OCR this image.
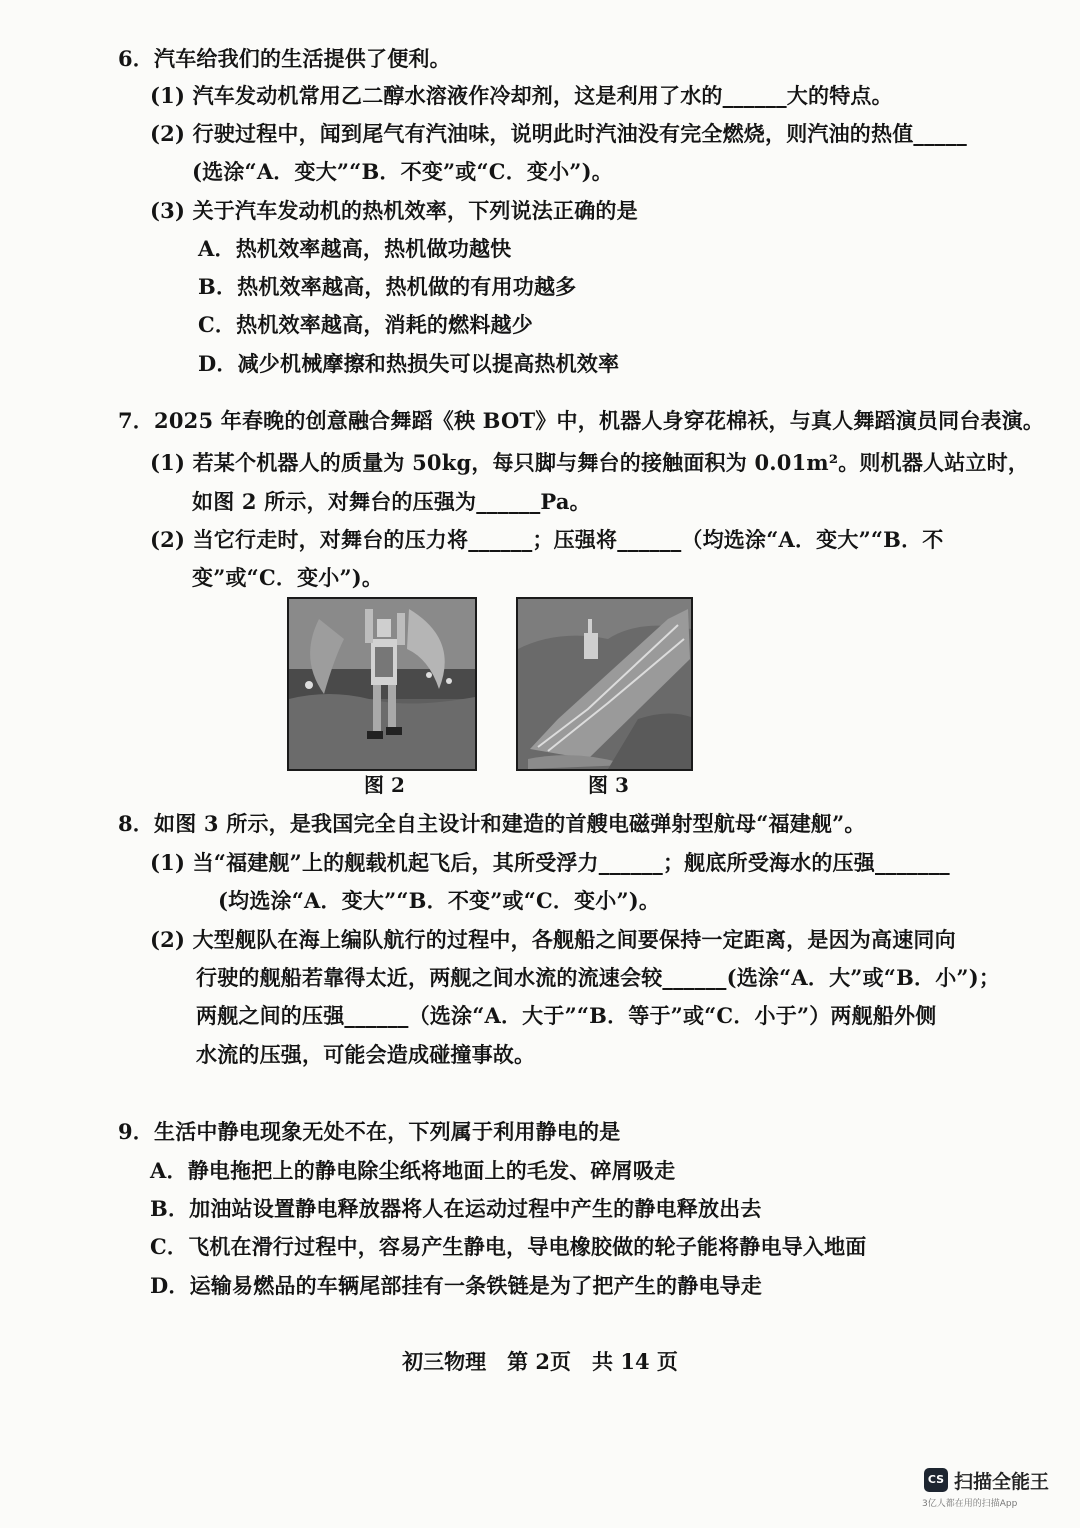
6．汽车给我们的生活提供了便利。
(1) 汽车发动机常用乙二醇水溶液作冷却剂，这是利用了水的______大的特点。
(2) 行驶过程中，闻到尾气有汽油味，说明此时汽油没有完全燃烧，则汽油的热值_____
(选涂“A．变大”“B．不变”或“C．变小”)。
(3) 关于汽车发动机的热机效率，下列说法正确的是
A．热机效率越高，热机做功越快
B．热机效率越高，热机做的有用功越多
C．热机效率越高，消耗的燃料越少
D．减少机械摩擦和热损失可以提高热机效率
7．2025 年春晚的创意融合舞蹈《秧 BOT》中，机器人身穿花棉袄，与真人舞蹈演员同台表演。
(1) 若某个机器人的质量为 50kg，每只脚与舞台的接触面积为 0.01m²。则机器人站立时，
如图 2 所示，对舞台的压强为______Pa。
(2) 当它行走时，对舞台的压力将______；压强将______（均选涂“A．变大”“B．不
变”或“C．变小”)。
图 2	图 3
8．如图 3 所示，是我国完全自主设计和建造的首艘电磁弹射型航母“福建舰”。
(1) 当“福建舰”上的舰载机起飞后，其所受浮力______；舰底所受海水的压强_______
(均选涂“A．变大”“B．不变”或“C．变小”)。
(2) 大型舰队在海上编队航行的过程中，各舰船之间要保持一定距离，是因为高速同向
行驶的舰船若靠得太近，两舰之间水流的流速会较______(选涂“A．大”或“B．小”)；
两舰之间的压强______（选涂“A．大于”“B．等于”或“C．小于”）两舰船外侧
水流的压强，可能会造成碰撞事故。
9．生活中静电现象无处不在，下列属于利用静电的是
A．静电拖把上的静电除尘纸将地面上的毛发、碎屑吸走
B．加油站设置静电释放器将人在运动过程中产生的静电释放出去
C．飞机在滑行过程中，容易产生静电，导电橡胶做的轮子能将静电导入地面
D．运输易燃品的车辆尾部挂有一条铁链是为了把产生的静电导走
初三物理　第 2页　共 14 页
CS 扫描全能王
3亿人都在用的扫描App
